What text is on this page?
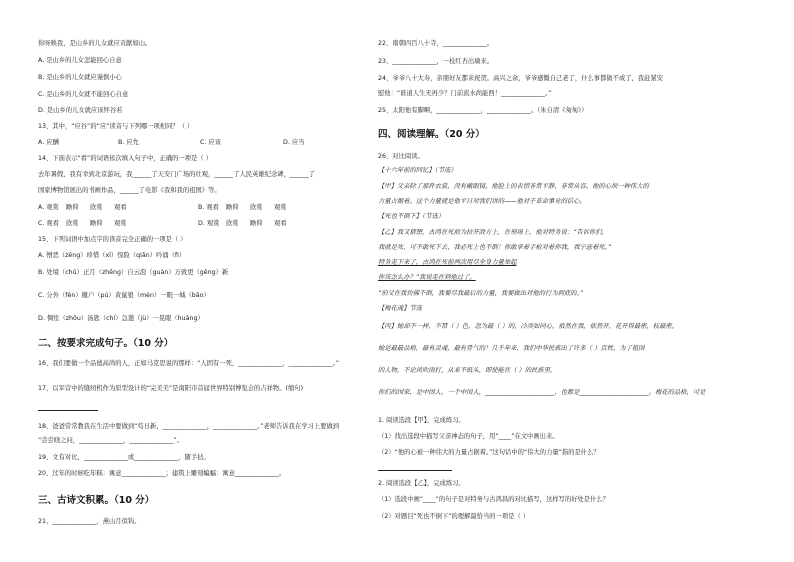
你呀映我，是山乡的儿女就应贡献如山。
A. 是山乡的儿女怎能回心自意
B. 是山乡的儿女就应谨慎小心
C. 是山乡的儿女就不能回心自意
D. 是山乡的儿女就应该怀谷若
13、其中，“应谷”的“应”读音与下列哪一项相同？（ ）
A. 应酬	B. 应允	C. 应该	D. 应当
14、下面表示“看”的词语依次填入句子中，正确的一项是（ ）
去年暑假，我有幸到北京游玩，我______了天安门广场的壮观，______了人民英雄纪念碑，______了
国家博物馆展出的书画作品，______了电影《我和我的祖国》等。
A. 观赏 瞻仰 欣赏 观看	B. 观看 瞻仰 欣赏 观赏
C. 观看 欣赏 瞻仰 观赏	D. 观赏 欣赏 瞻仰 观看
15、下列词语中加点字的读音完全正确的一项是（ ）
A. 憎恶（zēng）珍惜（xī）惊险（qiǎn）吟诵（fì）
B. 处境（chǔ）正月（zhēng）自云泡（guàn）万致更（gēng）新
C. 分外（fèn）撤户（pú）黄鼠狼（mèn）一眼一缄（bǎo）
D. 惆怅（zhōu）汤匙（chí）急邀（jù）一晃眼（huǎng）
二、按要求完成句子。（10 分）
16、我们要做一个品德高尚的人，正如马克思说的那样：“人固有一死，______________，______________。”
17、以军营中的缝纫机作为原型设计的“完美美”是南阳市首届世界特别博览会的吉祥物。(缩句)
18、爸爸常常教我在生活中要做到“苟日新，______________，______________。”老师告诉我在学习上要做到
“尝尝晓之问，______________，______________”。
19、文有对比，______________或______________，随手拈。
20、过年的时候吃年糕：寓意______________；建筑上雕刻蝙蝠：寓意______________。
三、古诗文积累。（10 分）
21、______________，燕山月似钩。
22、南朝四百八十寺，______________。
23、______________，一枝红杏出墙来。
24、爷爷八十大寿，亲朋好友都来祝贺。高兴之余，爷爷感慨自己老了，什么事都做不成了，我赶紧安
慰他：“谁道人生无再少？门前流水尚能西！______________。”
25、太阳他有脚啊，______________，______________。（朱自清《匆匆》）
四、阅读理解。（20 分）
26、对比阅读。
【十六年前的回忆】（节选）
【甲】父亲除了那件衣裳，没有戴眼镜。他脸上的表情非常平静，非常从容。他的心坝一种伟大的
力量占据着。这个力量就是他平日对我们讲的——他对于革命事业的信心。
【死也不倒下】（节选）
【乙】我又猜想，古鸿在死前为拉开敌方上，在刑场上，他对特务说：“告诉你们，
我就是死，可不敢死下去，我必死上也不倒！你敢拿着手枪对着你我，我宁意着死。”
特务走下来了，古鸿在死前两次用尽全身力量举起
你该怎么办？”我说走在到他过了。
“伯父在我仿佛不倒，我要尽我最后的力量，我要做出对他的行为到底的。”
【梅花魂】节选
【丙】她却不一样，不禁（ ）色，忽为最（ ）的，冷淡如同心，依然在我，依然开，花开得最密，枝最密。
她是最最品格，最有灵魂，最有骨气的！几千年来，我们中华民族出了许多（ ）百姓，为了祖国
的人物，不论风吹雨打，从来不低头，即使能在（ ）的民族里，
你们的国家，是中国人。一个中国人，______________________，也都是______________________。梅花的品格，可是
1. 阅读选段【甲】，完成练习。
（1）找出选段中描写父亲神态的句子，用“____”在文中画出来。
（2）“他的心被一种伟大的力量占据着。”这句话中的“伟大的力量”指的是什么？
2. 阅读选段【乙】，完成练习。
（1）选段中画“____”的句子是对特务与古鸿昌的对比描写，这样写的好处是什么？
（2）对题目“死也不倒下”的理解最恰当的一项是（ ）
